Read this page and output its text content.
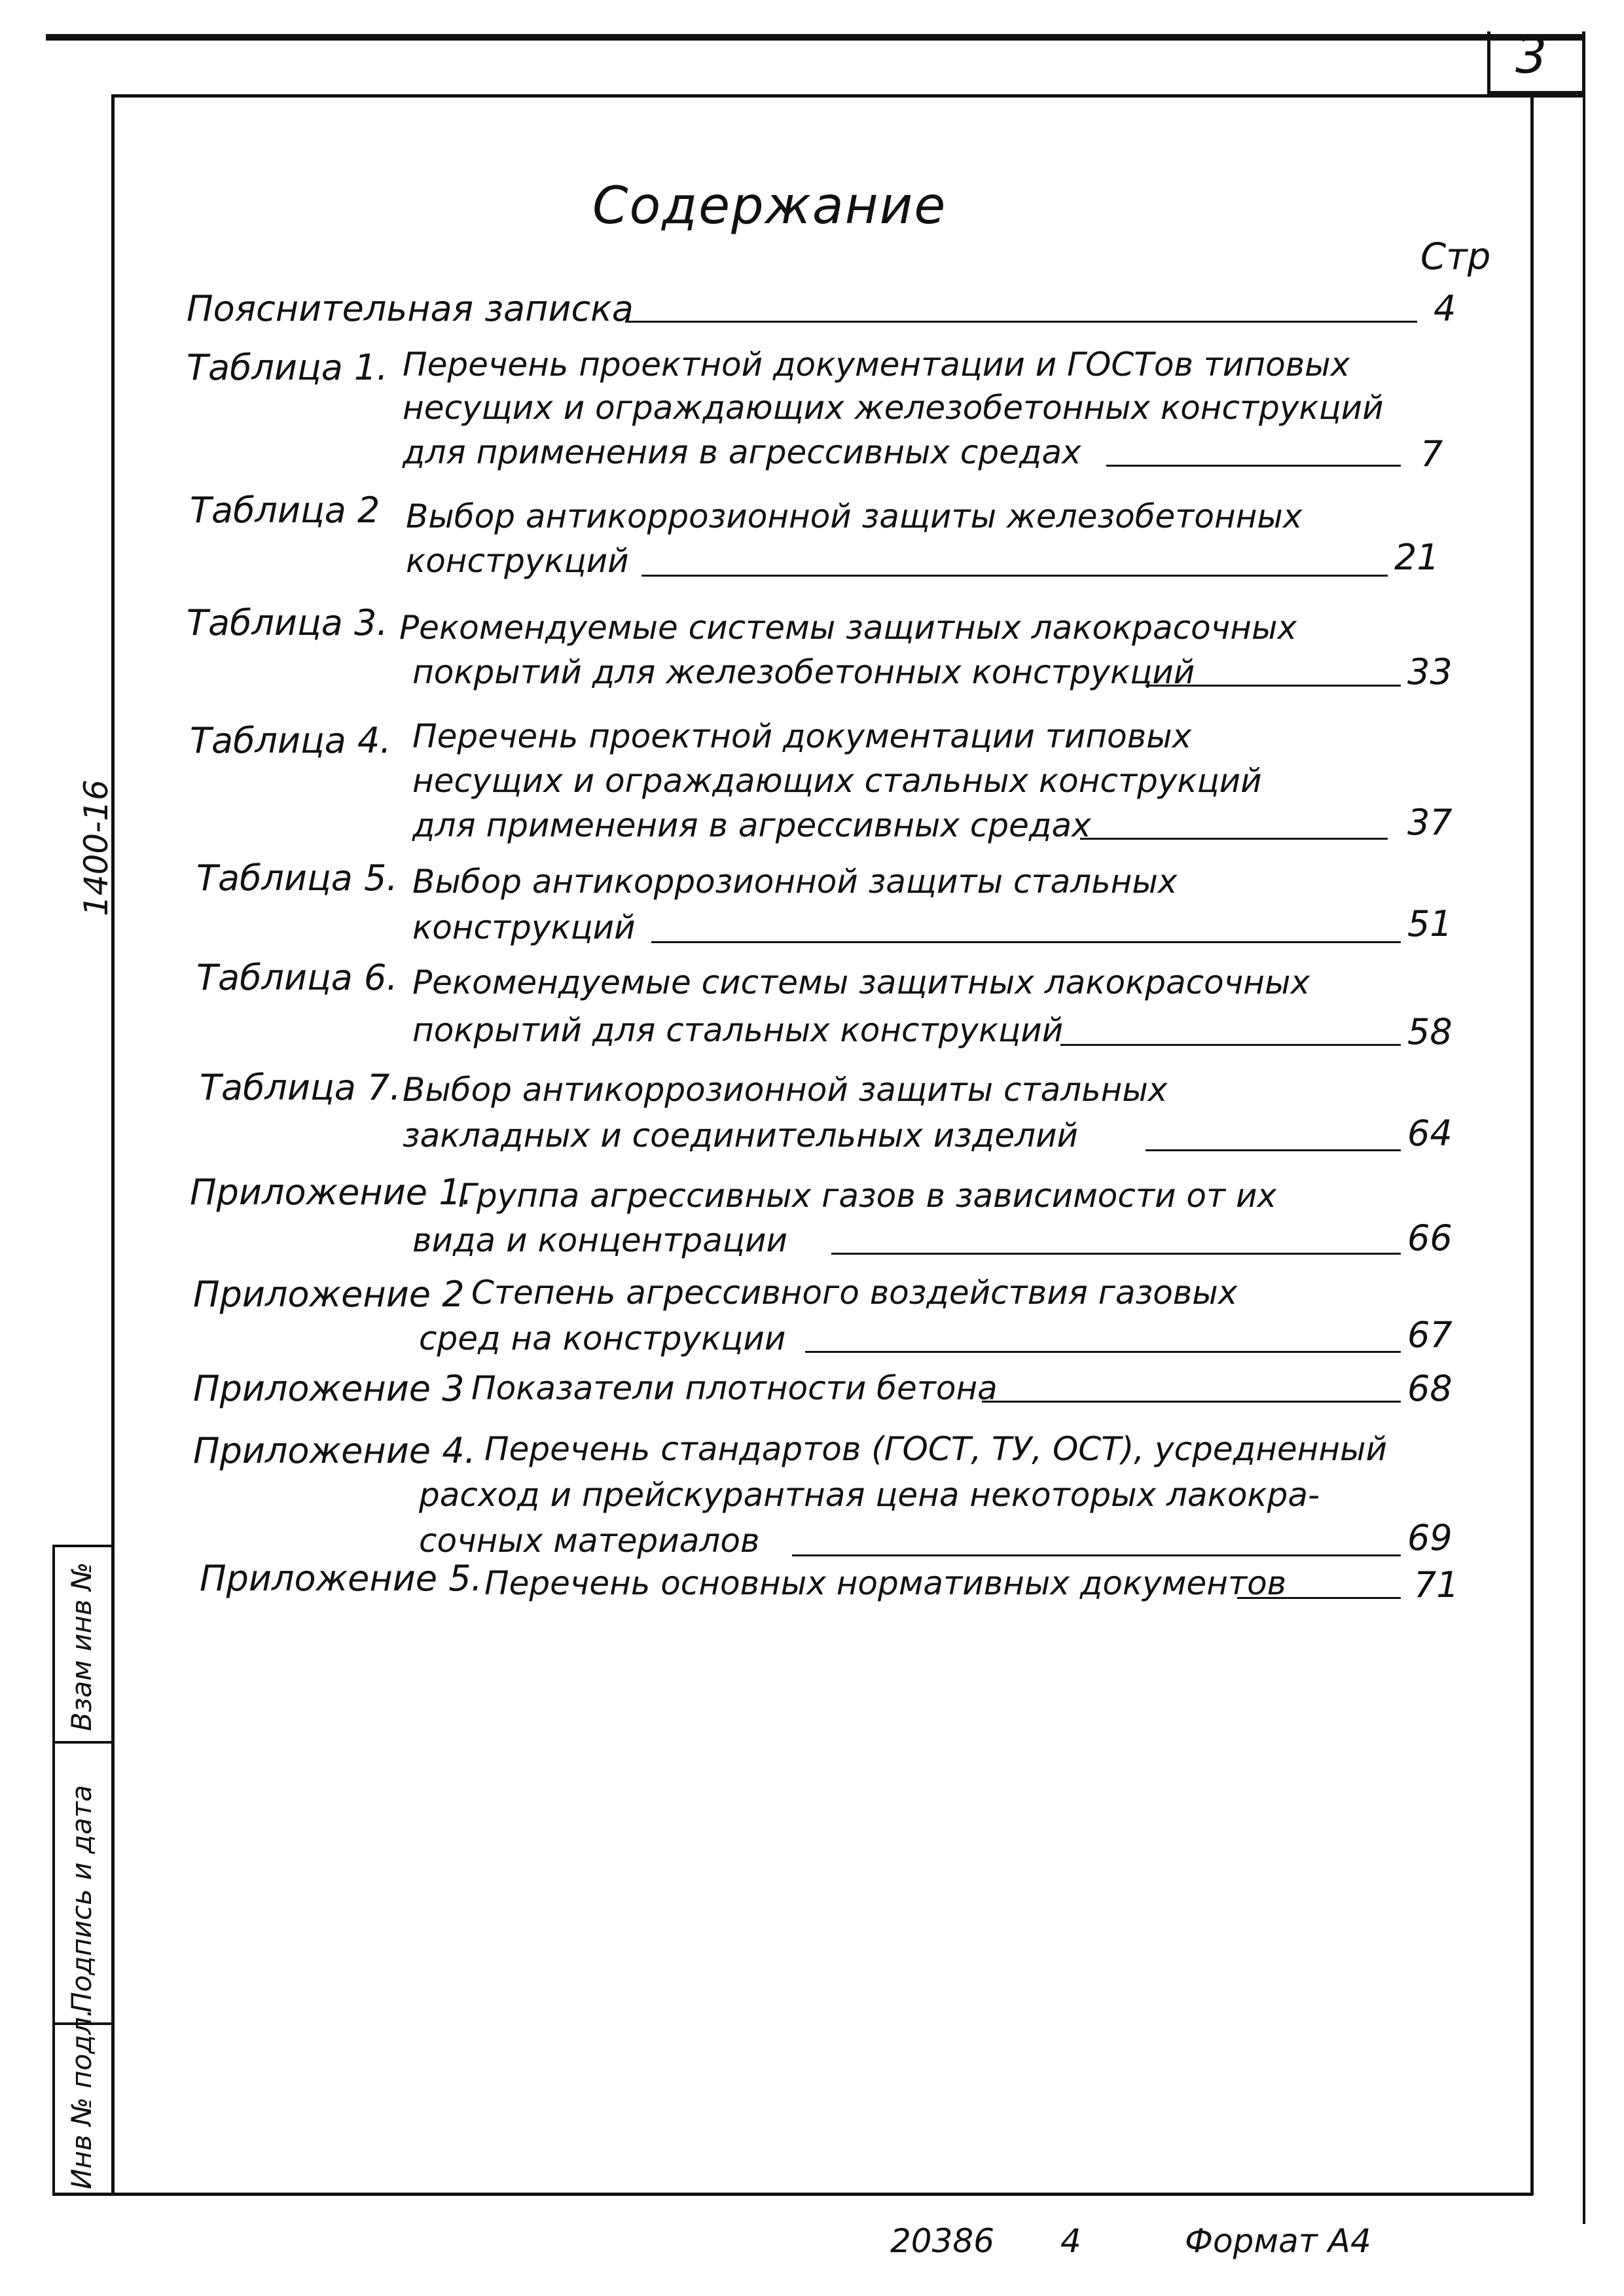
3
Взам инв №
Подпись и дата
Инв № подл.
1400-16
Содержание
Стр
Пояснительная записка	4
Таблица 1. Перечень проектной документации и ГОСТов типовых
несущих и ограждающих железобетонных конструкций
для применения в агрессивных средах	7
Таблица 2 Выбор антикоррозионной защиты железобетонных
конструкций	21
Таблица 3. Рекомендуемые системы защитных лакокрасочных
покрытий для железобетонных конструкций	33
Таблица 4. Перечень проектной документации типовых
несущих и ограждающих стальных конструкций
для применения в агрессивных средах	37
Таблица 5. Выбор антикоррозионной защиты стальных
конструкций	51
Таблица 6. Рекомендуемые системы защитных лакокрасочных
покрытий для стальных конструкций	58
Таблица 7. Выбор антикоррозионной защиты стальных
закладных и соединительных изделий	64
Приложение 1.
Группа агрессивных газов в зависимости от их
вида и концентрации	66
Приложение 2 Степень агрессивного воздействия газовых
сред на конструкции	67
Приложение 3 Показатели плотности бетона	68
Приложение 4. Перечень стандартов (ГОСТ, ТУ, ОСТ), усредненный
расход и прейскурантная цена некоторых лакокра-
сочных материалов	69
Приложение 5. Перечень основных нормативных документов	71
20386 4	Формат А4
